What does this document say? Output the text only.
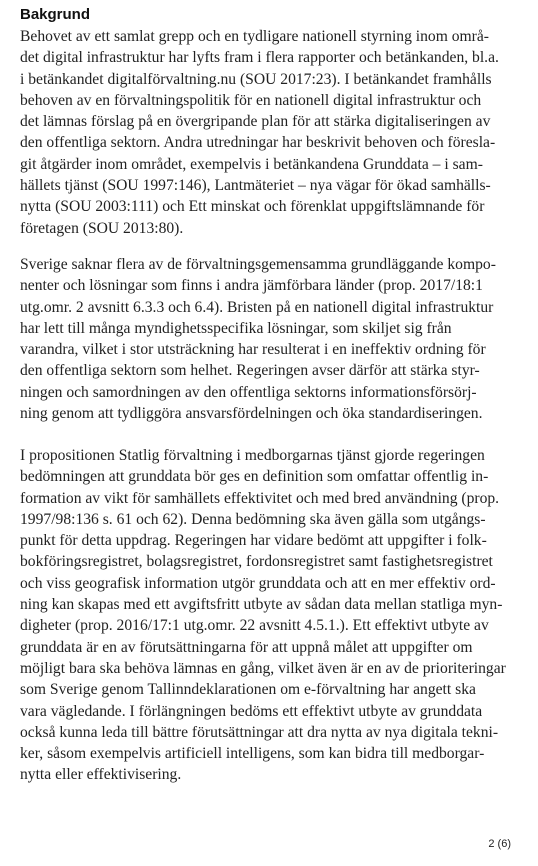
Bakgrund

Behovet av ett samlat grepp och en tydligare nationell styrning inom områ-
det digital infrastruktur har lyfts fram i flera rapporter och betänkanden, bl.a.
i betänkandet digitalförvaltning.nu (SOU 2017:23). I betänkandet framhålls
behoven av en förvaltningspolitik för en nationell digital infrastruktur och
det lämnas förslag på en övergripande plan för att stärka digitaliseringen av
den offentliga sektorn. Andra utredningar har beskrivit behoven och föresla-
git åtgärder inom området, exempelvis i betänkandena Grunddata – i sam-
hällets tjänst (SOU 1997:146), Lantmäteriet – nya vägar för ökad samhälls-
nytta (SOU 2003:111) och Ett minskat och förenklat uppgiftslämnande för
företagen (SOU 2013:80).

Sverige saknar flera av de förvaltningsgemensamma grundläggande kompo-
nenter och lösningar som finns i andra jämförbara länder (prop. 2017/18:1
utg.omr. 2 avsnitt 6.3.3 och 6.4). Bristen på en nationell digital infrastruktur
har lett till många myndighetsspecifika lösningar, som skiljet sig från
varandra, vilket i stor utsträckning har resulterat i en ineffektiv ordning för
den offentliga sektorn som helhet. Regeringen avser därför att stärka styr-
ningen och samordningen av den offentliga sektorns informationsförsörj-
ning genom att tydliggöra ansvarsfördelningen och öka standardiseringen.

I propositionen Statlig förvaltning i medborgarnas tjänst gjorde regeringen
bedömningen att grunddata bör ges en definition som omfattar offentlig in-
formation av vikt för samhällets effektivitet och med bred användning (prop.
1997/98:136 s. 61 och 62). Denna bedömning ska även gälla som utgångs-
punkt för detta uppdrag. Regeringen har vidare bedömt att uppgifter i folk-
bokföringsregistret, bolagsregistret, fordonsregistret samt fastighetsregistret
och viss geografisk information utgör grunddata och att en mer effektiv ord-
ning kan skapas med ett avgiftsfritt utbyte av sådan data mellan statliga myn-
digheter (prop. 2016/17:1 utg.omr. 22 avsnitt 4.5.1.). Ett effektivt utbyte av
grunddata är en av förutsättningarna för att uppnå målet att uppgifter om
möjligt bara ska behöva lämnas en gång, vilket även är en av de prioriteringar
som Sverige genom Tallinndeklarationen om e-förvaltning har angett ska
vara vägledande. I förlängningen bedöms ett effektivt utbyte av grunddata
också kunna leda till bättre förutsättningar att dra nytta av nya digitala tekni-
ker, såsom exempelvis artificiell intelligens, som kan bidra till medborgar-
nytta eller effektivisering.

2 (6)
